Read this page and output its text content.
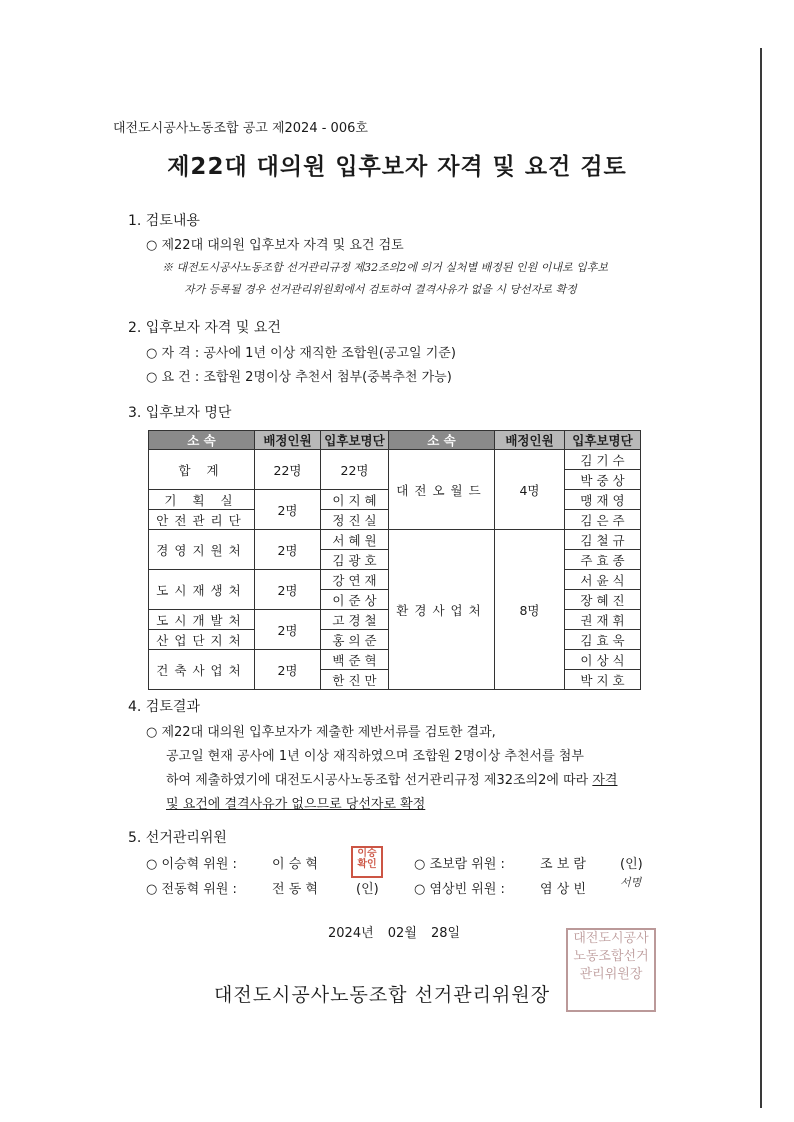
대전도시공사노동조합 공고 제2024 - 006호
제22대 대의원 입후보자 자격 및 요건 검토
1. 검토내용
○ 제22대 대의원 입후보자 자격 및 요건 검토
※ 대전도시공사노동조합 선거관리규정 제32조의2에 의거 실처별 배정된 인원 이내로 입후보
자가 등록될 경우 선거관리위원회에서 검토하여 결격사유가 없을 시 당선자로 확정
2. 입후보자 자격 및 요건
○ 자 격 : 공사에 1년 이상 재직한 조합원(공고일 기준)
○ 요 건 : 조합원 2명이상 추천서 첨부(중복추천 가능)
3. 입후보자 명단
소 속	배정인원	입후보명단	소 속	배정인원	입후보명단
합 계	22명	22명	대전오월드	4명	김 기 수
					박 중 상
기 획 실	2명	이 지 혜			맹 재 영
안전관리단		정 진 실			김 은 주
경영지원처	2명	서 혜 원	환경사업처	8명	김 철 규
		김 광 호			주 효 종
도시재생처	2명	강 연 재			서 윤 식
		이 준 상			장 혜 진
도시개발처	2명	고 경 철			권 재 휘
산업단지처		홍 의 준			김 효 욱
건축사업처	2명	백 준 혁			이 상 식
		한 진 만			박 지 호
4. 검토결과
○ 제22대 대의원 입후보자가 제출한 제반서류를 검토한 결과,
공고일 현재 공사에 1년 이상 재직하였으며 조합원 2명이상 추천서를 첨부
하여 제출하였기에 대전도시공사노동조합 선거관리규정 제32조의2에 따라 자격
및 요건에 결격사유가 없으므로 당선자로 확정
5. 선거관리위원
○ 이승혁 위원 :	이 승 혁
이승 확인	○ 조보람 위원 :	조 보 람	(인)
○ 전동혁 위원 :	전 동 혁	(인)	○ 염상빈 위원 :	염 상 빈	서명
2024년 02월 28일	대전도시공사노동조합선거관리위원장
대전도시공사노동조합 선거관리위원장
